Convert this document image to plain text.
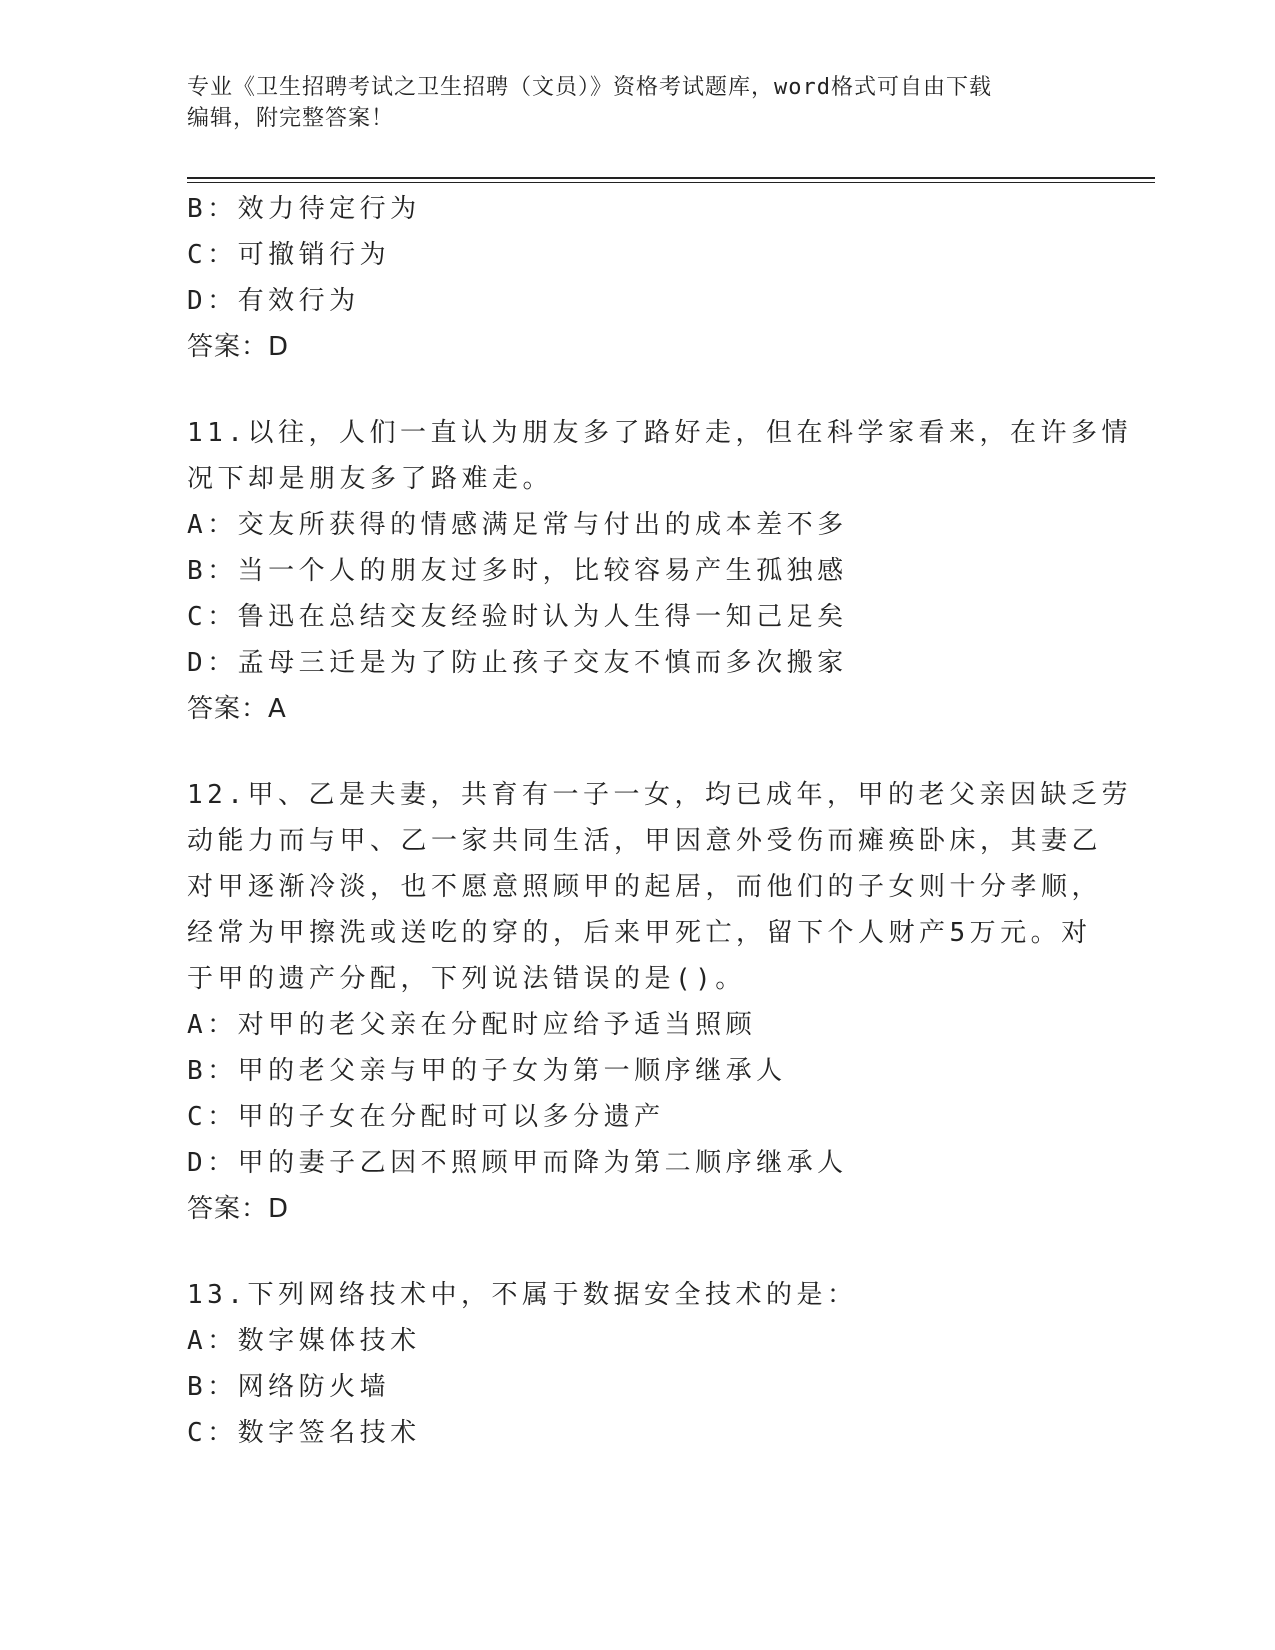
专业《卫生招聘考试之卫生招聘（文员）》资格考试题库，word格式可自由下载
编辑，附完整答案！
B：效力待定行为
C：可撤销行为
D：有效行为
答案：D
11.以往，人们一直认为朋友多了路好走，但在科学家看来，在许多情
况下却是朋友多了路难走。
A：交友所获得的情感满足常与付出的成本差不多
B：当一个人的朋友过多时，比较容易产生孤独感
C：鲁迅在总结交友经验时认为人生得一知己足矣
D：孟母三迁是为了防止孩子交友不慎而多次搬家
答案：A
12.甲、乙是夫妻，共育有一子一女，均已成年，甲的老父亲因缺乏劳
动能力而与甲、乙一家共同生活，甲因意外受伤而瘫痪卧床，其妻乙
对甲逐渐冷淡，也不愿意照顾甲的起居，而他们的子女则十分孝顺，
经常为甲擦洗或送吃的穿的，后来甲死亡，留下个人财产5万元。对
于甲的遗产分配，下列说法错误的是()。
A：对甲的老父亲在分配时应给予适当照顾
B：甲的老父亲与甲的子女为第一顺序继承人
C：甲的子女在分配时可以多分遗产
D：甲的妻子乙因不照顾甲而降为第二顺序继承人
答案：D
13.下列网络技术中，不属于数据安全技术的是：
A：数字媒体技术
B：网络防火墙
C：数字签名技术
